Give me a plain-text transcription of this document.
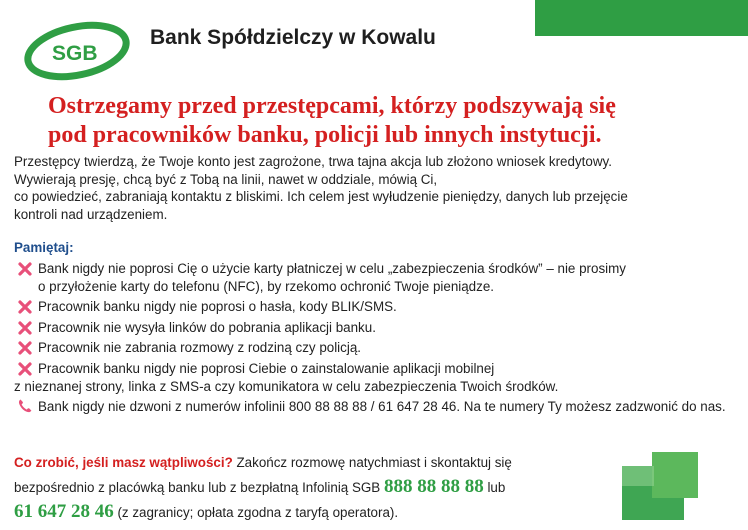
SGB
Bank Spółdzielczy w Kowalu
Ostrzegamy przed przestępcami, którzy podszywają się
pod pracowników banku, policji lub innych instytucji.

Przestępcy twierdzą, że Twoje konto jest zagrożone, trwa tajna akcja lub złożono wniosek kredytowy.

Wywierają presję, chcą być z Tobą na linii, nawet w oddziale, mówią Ci,

co powiedzieć, zabraniają kontaktu z bliskimi. Ich celem jest wyłudzenie pieniędzy, danych lub przejęcie

kontroli nad urządzeniem.

Pamiętaj:
Bank nigdy nie poprosi Cię o użycie karty płatniczej w celu „zabezpieczenia środków” – nie prosimy
o przyłożenie karty do telefonu (NFC), by rzekomo ochronić Twoje pieniądze.
Pracownik banku nigdy nie poprosi o hasła, kody BLIK/SMS.
Pracownik nie wysyła linków do pobrania aplikacji banku.
Pracownik nie zabrania rozmowy z rodziną czy policją.
Pracownik banku nigdy nie poprosi Ciebie o zainstalowanie aplikacji mobilnej
z nieznanej strony, linka z SMS-a czy komunikatora w celu zabezpieczenia Twoich środków.
Bank nigdy nie dzwoni z numerów infolinii 800 88 88 88 / 61 647 28 46. Na te numery Ty możesz zadzwonić do nas.
Co zrobić, jeśli masz wątpliwości? Zakończ rozmowę natychmiast i skontaktuj się
bezpośrednio z placówką banku lub z bezpłatną Infolinią SGB 888 88 88 88 lub
61 647 28 46 (z zagranicy; opłata zgodna z taryfą operatora).
